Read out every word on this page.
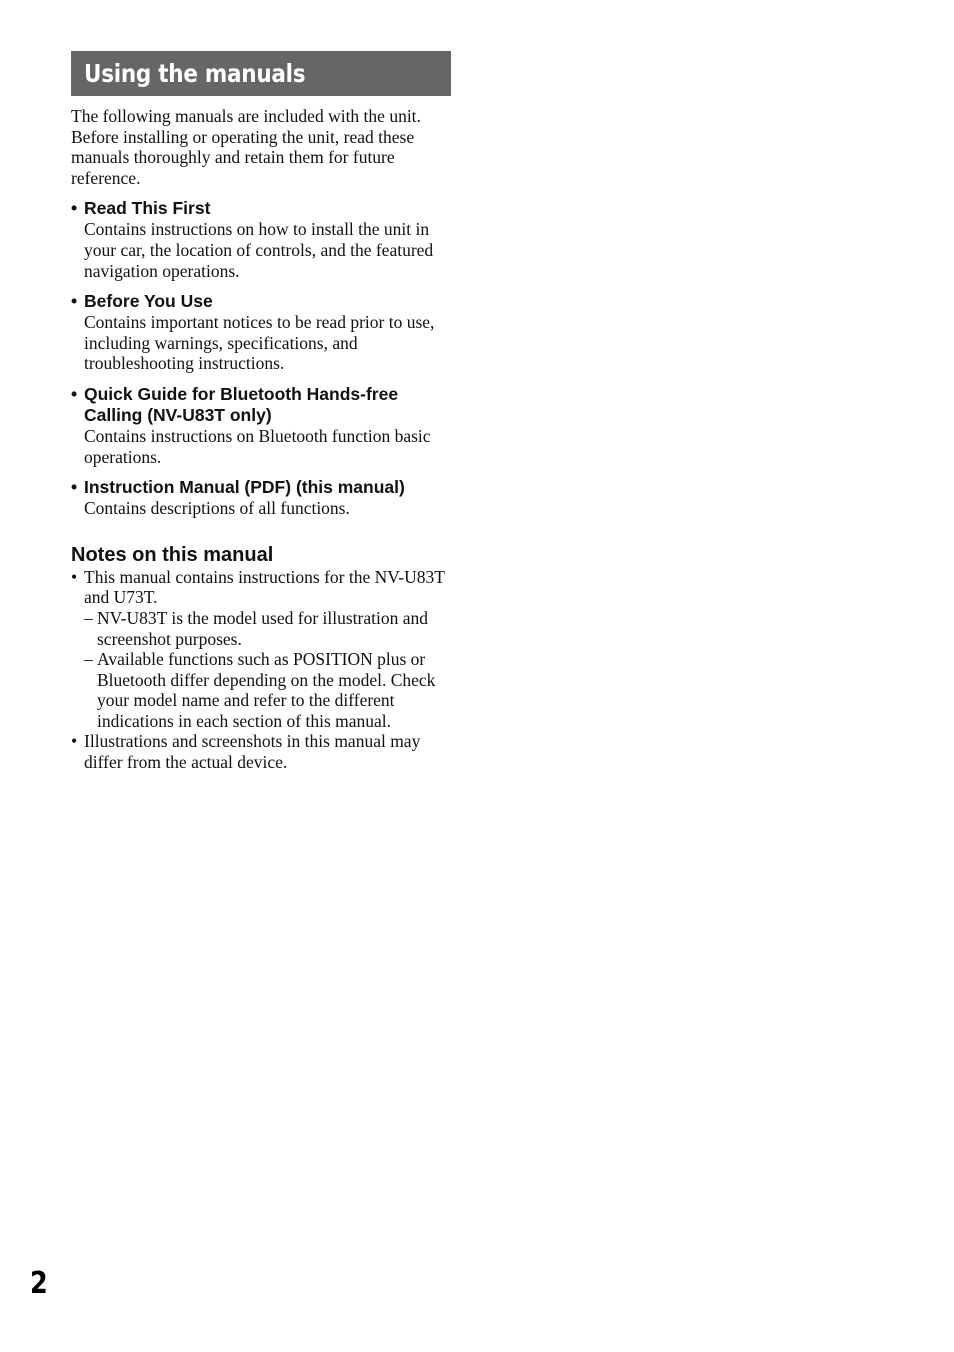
Using the manuals

The following manuals are included with the unit.

Before installing or operating the unit, read these manuals thoroughly and retain them for future reference.

• Read This First
Contains instructions on how to install the unit in your car, the location of controls, and the featured navigation operations.
• Before You Use
Contains important notices to be read prior to use, including warnings, specifications, and troubleshooting instructions.
• Quick Guide for Bluetooth Hands-free Calling (NV-U83T only)
Contains instructions on Bluetooth function basic operations.
• Instruction Manual (PDF) (this manual)
Contains descriptions of all functions.
Notes on this manual
• This manual contains instructions for the NV-U83T and U73T.
– NV-U83T is the model used for illustration and screenshot purposes.
– Available functions such as POSITION plus or Bluetooth differ depending on the model. Check your model name and refer to the different indications in each section of this manual.
• Illustrations and screenshots in this manual may differ from the actual device.
2
